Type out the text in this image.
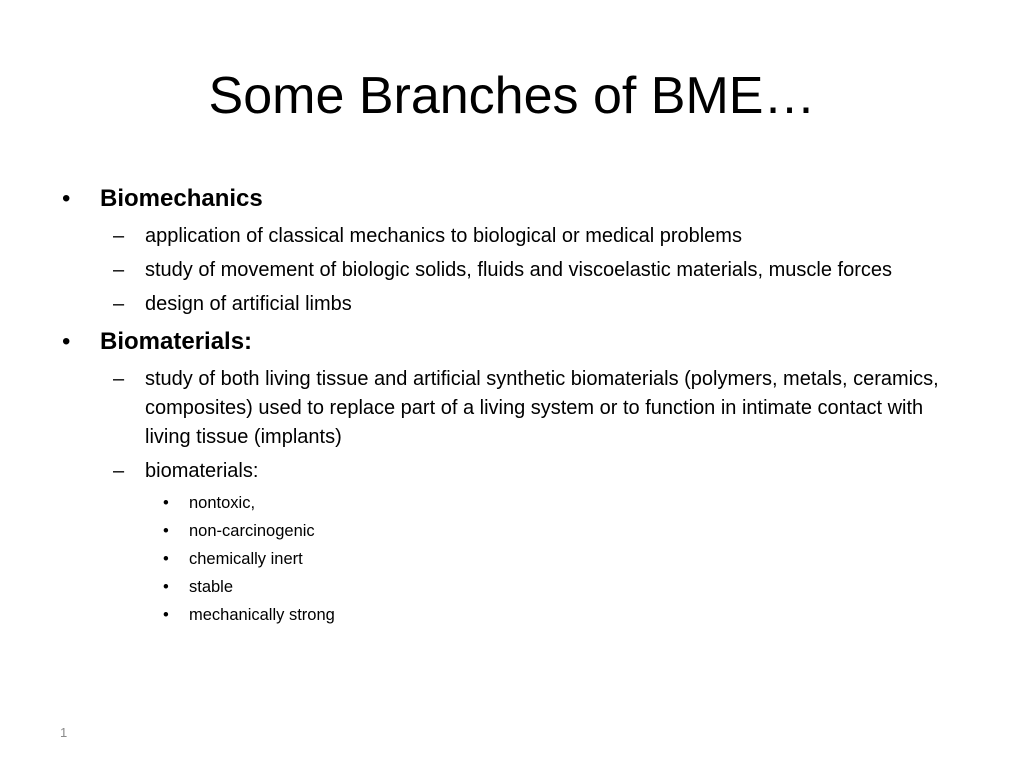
Some Branches of BME…
• Biomechanics
– application of classical mechanics to biological or medical problems
– study of movement of biologic solids, fluids and viscoelastic materials, muscle forces
– design of artificial limbs
• Biomaterials:
– study of both living tissue and artificial synthetic biomaterials (polymers, metals, ceramics, composites) used to replace part of a living system or to function in intimate contact with living tissue (implants)
– biomaterials:
• nontoxic,
• non-carcinogenic
• chemically inert
• stable
• mechanically strong
1
